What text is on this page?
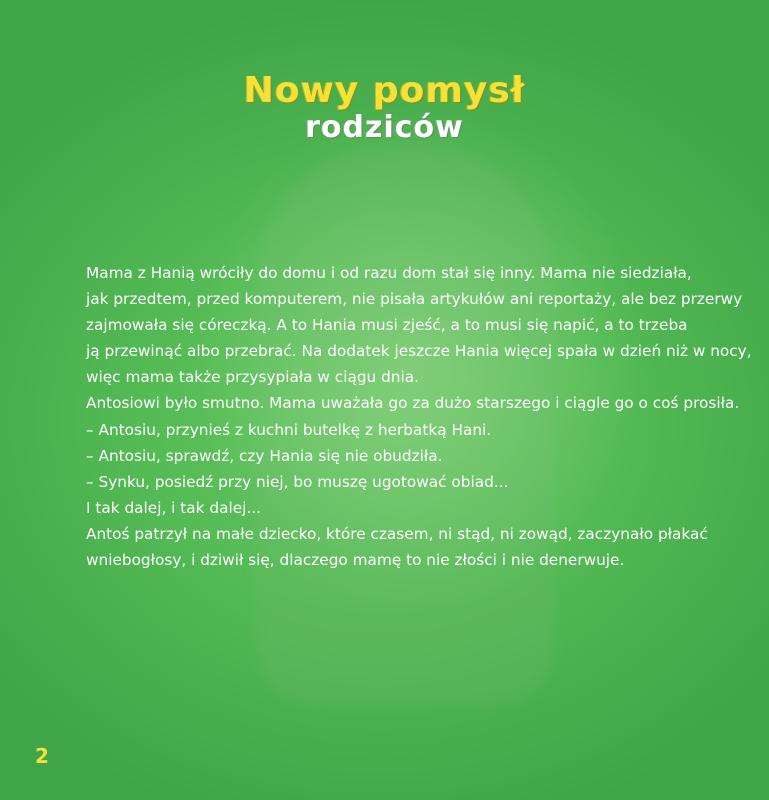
Nowy pomysł
rodziców

Mama z Hanią wróciły do domu i od razu dom stał się inny. Mama nie siedziała,

jak przedtem, przed komputerem, nie pisała artykułów ani reportaży, ale bez przerwy

zajmowała się córeczką. A to Hania musi zjeść, a to musi się napić, a to trzeba

ją przewinąć albo przebrać. Na dodatek jeszcze Hania więcej spała w dzień niż w nocy,

więc mama także przysypiała w ciągu dnia.

Antosiowi było smutno. Mama uważała go za dużo starszego i ciągle go o coś prosiła.

– Antosiu, przynieś z kuchni butelkę z herbatką Hani.

– Antosiu, sprawdź, czy Hania się nie obudziła.

– Synku, posiedź przy niej, bo muszę ugotować obiad...

I tak dalej, i tak dalej...

Antoś patrzył na małe dziecko, które czasem, ni stąd, ni zowąd, zaczynało płakać

wniebogłosy, i dziwił się, dlaczego mamę to nie złości i nie denerwuje.

2
